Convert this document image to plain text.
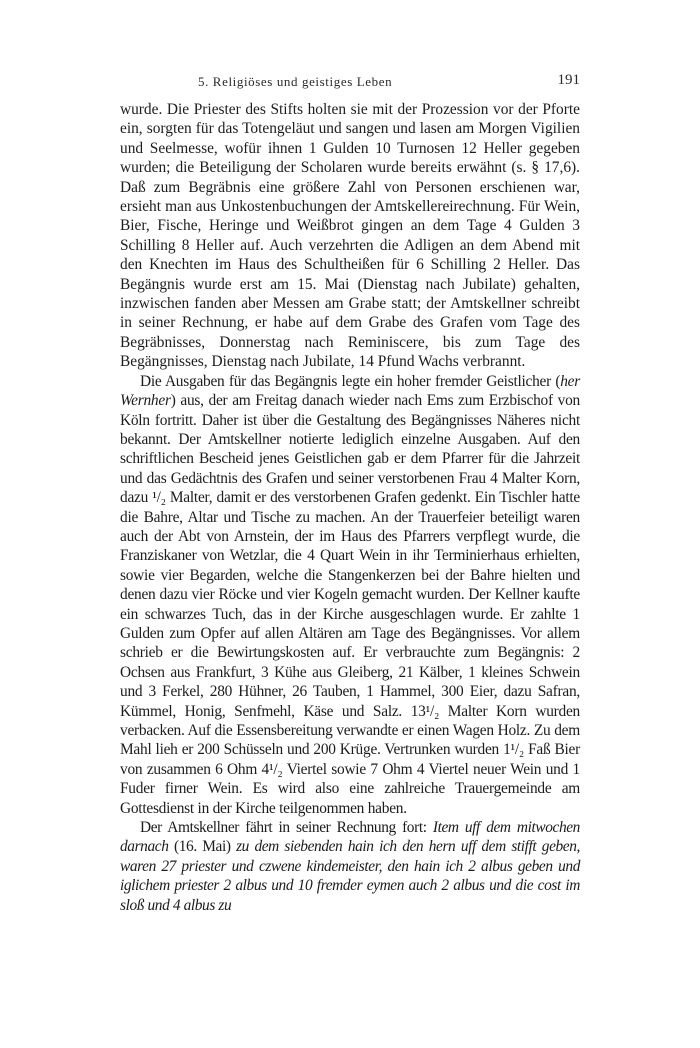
5. Religiöses und geistiges Leben	191

wurde. Die Priester des Stifts holten sie mit der Prozession vor der Pforte ein, sorgten für das Totengeläut und sangen und lasen am Morgen Vigilien und Seelmesse, wofür ihnen 1 Gulden 10 Turnosen 12 Heller gegeben wurden; die Beteiligung der Scholaren wurde bereits erwähnt (s. § 17,6). Daß zum Begräbnis eine größere Zahl von Personen erschienen war, ersieht man aus Unkostenbuchungen der Amtskellereirechnung. Für Wein, Bier, Fische, Heringe und Weißbrot gingen an dem Tage 4 Gulden 3 Schilling 8 Heller auf. Auch verzehrten die Adligen an dem Abend mit den Knechten im Haus des Schultheißen für 6 Schilling 2 Heller. Das Begängnis wurde erst am 15. Mai (Dienstag nach Jubilate) gehalten, inzwischen fanden aber Messen am Grabe statt; der Amtskellner schreibt in seiner Rechnung, er habe auf dem Grabe des Grafen vom Tage des Begräbnisses, Donnerstag nach Reminiscere, bis zum Tage des Begängnisses, Dienstag nach Jubilate, 14 Pfund Wachs verbrannt.

Die Ausgaben für das Begängnis legte ein hoher fremder Geistlicher (her Wernher) aus, der am Freitag danach wieder nach Ems zum Erzbischof von Köln fortritt. Daher ist über die Gestaltung des Begängnisses Näheres nicht bekannt. Der Amtskellner notierte lediglich einzelne Ausgaben. Auf den schriftlichen Bescheid jenes Geistlichen gab er dem Pfarrer für die Jahrzeit und das Gedächtnis des Grafen und seiner verstorbenen Frau 4 Malter Korn, dazu ¹/₂ Malter, damit er des verstorbenen Grafen gedenkt. Ein Tischler hatte die Bahre, Altar und Tische zu machen. An der Trauerfeier beteiligt waren auch der Abt von Arnstein, der im Haus des Pfarrers verpflegt wurde, die Franziskaner von Wetzlar, die 4 Quart Wein in ihr Terminierhaus erhielten, sowie vier Begarden, welche die Stangenkerzen bei der Bahre hielten und denen dazu vier Röcke und vier Kogeln gemacht wurden. Der Kellner kaufte ein schwarzes Tuch, das in der Kirche ausgeschlagen wurde. Er zahlte 1 Gulden zum Opfer auf allen Altären am Tage des Begängnisses. Vor allem schrieb er die Bewirtungskosten auf. Er verbrauchte zum Begängnis: 2 Ochsen aus Frankfurt, 3 Kühe aus Gleiberg, 21 Kälber, 1 kleines Schwein und 3 Ferkel, 280 Hühner, 26 Tauben, 1 Hammel, 300 Eier, dazu Safran, Kümmel, Honig, Senfmehl, Käse und Salz. 13¹/₂ Malter Korn wurden verbacken. Auf die Essensbereitung verwandte er einen Wagen Holz. Zu dem Mahl lieh er 200 Schüsseln und 200 Krüge. Vertrunken wurden 1¹/₂ Faß Bier von zusammen 6 Ohm 4¹/₂ Viertel sowie 7 Ohm 4 Viertel neuer Wein und 1 Fuder firner Wein. Es wird also eine zahlreiche Trauergemeinde am Gottesdienst in der Kirche teilgenommen haben.

Der Amtskellner fährt in seiner Rechnung fort: Item uff dem mitwochen darnach (16. Mai) zu dem siebenden hain ich den hern uff dem stifft geben, waren 27 priester und czwene kindemeister, den hain ich 2 albus geben und iglichem priester 2 albus und 10 fremder eymen auch 2 albus und die cost im sloß und 4 albus zu
